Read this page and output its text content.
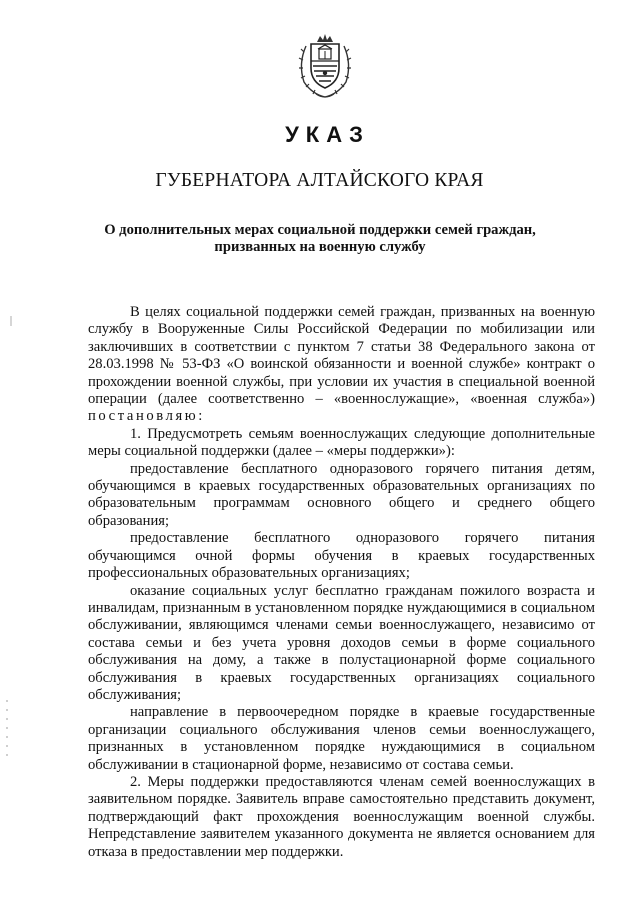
УКАЗ
ГУБЕРНАТОРА АЛТАЙСКОГО КРАЯ
О дополнительных мерах социальной поддержки семей граждан,
призванных на военную службу

В целях социальной поддержки семей граждан, призванных на военную службу в Вооруженные Силы Российской Федерации по мобилизации или заключивших в соответствии с пунктом 7 статьи 38 Федерального закона от 28.03.1998 № 53-ФЗ «О воинской обязанности и военной службе» контракт о прохождении военной службы, при условии их участия в специальной военной операции (далее соответственно – «военнослужащие», «военная служба») постановляю:

1. Предусмотреть семьям военнослужащих следующие дополнительные меры социальной поддержки (далее – «меры поддержки»):

предоставление бесплатного одноразового горячего питания детям, обучающимся в краевых государственных образовательных организациях по образовательным программам основного общего и среднего общего образования;

предоставление бесплатного одноразового горячего питания обучающимся очной формы обучения в краевых государственных профессиональных образовательных организациях;

оказание социальных услуг бесплатно гражданам пожилого возраста и инвалидам, признанным в установленном порядке нуждающимися в социальном обслуживании, являющимся членами семьи военнослужащего, независимо от состава семьи и без учета уровня доходов семьи в форме социального обслуживания на дому, а также в полустационарной форме социального обслуживания в краевых государственных организациях социального обслуживания;

направление в первоочередном порядке в краевые государственные организации социального обслуживания членов семьи военнослужащего, признанных в установленном порядке нуждающимися в социальном обслуживании в стационарной форме, независимо от состава семьи.

2. Меры поддержки предоставляются членам семей военнослужащих в заявительном порядке. Заявитель вправе самостоятельно представить документ, подтверждающий факт прохождения военнослужащим военной службы. Непредставление заявителем указанного документа не является основанием для отказа в предоставлении мер поддержки.
